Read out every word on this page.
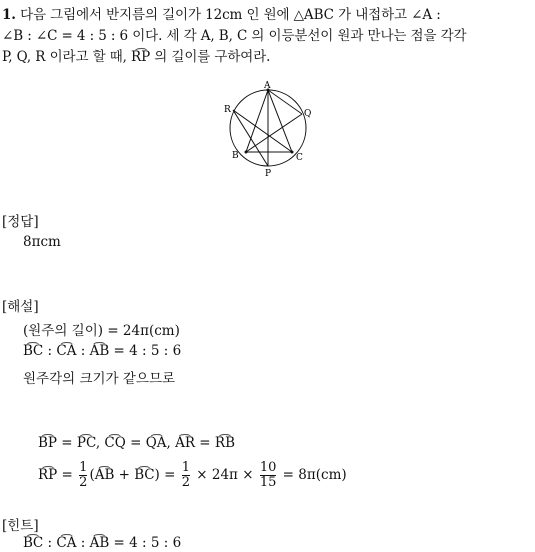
1. 다음 그림에서 반지름의 길이가 12cm 인 원에 △ABC 가 내접하고 ∠A :
∠B : ∠C = 4 : 5 : 6 이다. 세 각 A, B, C 의 이등분선이 원과 만나는 점을 각각
P, Q, R 이라고 할 때, R͡P 의 길이를 구하여라.
A
B	C
P
Q
R
[정답]
8πcm
[해설]
(원주의 길이) = 24π(cm)
B͡C : C͡A : A͡B = 4 : 5 : 6
원주각의 크기가 같으므로
B͡P = P͡C, C͡Q = Q͡A, A͡R = R͡B
R͡P = $\frac{1}{2}$ (A͡B + B͡C) = $\frac{1}{2} \times 24\pi \times \frac{10}{15} = 8\pi(cm)$
[힌트]
B͡C : C͡A : A͡B = 4 : 5 : 6
